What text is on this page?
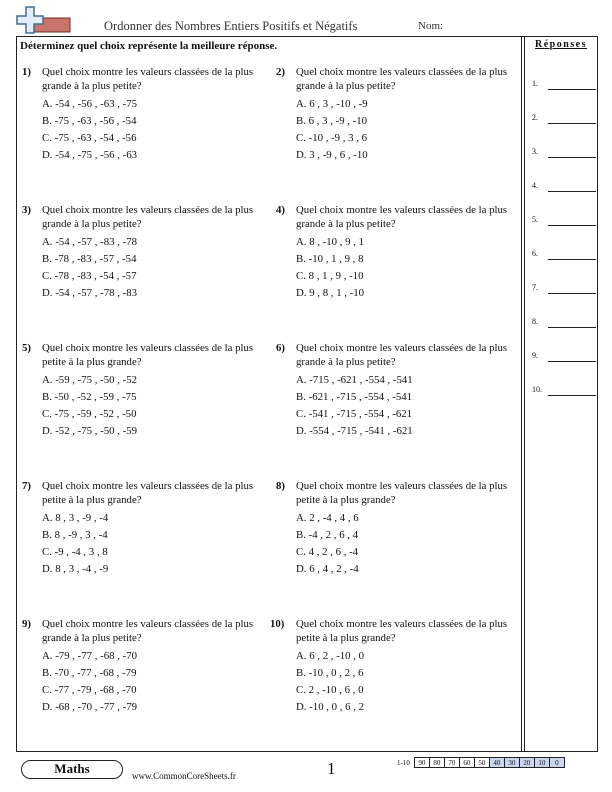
Ordonner des Nombres Entiers Positifs et Négatifs	Nom:
Déterminez quel choix représente la meilleure réponse.
1) Quel choix montre les valeurs classées de la plus grande à la plus petite?
A. -54 , -56 , -63 , -75
B. -75 , -63 , -56 , -54
C. -75 , -63 , -54 , -56
D. -54 , -75 , -56 , -63
2) Quel choix montre les valeurs classées de la plus grande à la plus petite?
A. 6 , 3 , -10 , -9
B. 6 , 3 , -9 , -10
C. -10 , -9 , 3 , 6
D. 3 , -9 , 6 , -10
3) Quel choix montre les valeurs classées de la plus grande à la plus petite?
A. -54 , -57 , -83 , -78
B. -78 , -83 , -57 , -54
C. -78 , -83 , -54 , -57
D. -54 , -57 , -78 , -83
4) Quel choix montre les valeurs classées de la plus grande à la plus petite?
A. 8 , -10 , 9 , 1
B. -10 , 1 , 9 , 8
C. 8 , 1 , 9 , -10
D. 9 , 8 , 1 , -10
5) Quel choix montre les valeurs classées de la plus petite à la plus grande?
A. -59 , -75 , -50 , -52
B. -50 , -52 , -59 , -75
C. -75 , -59 , -52 , -50
D. -52 , -75 , -50 , -59
6) Quel choix montre les valeurs classées de la plus grande à la plus petite?
A. -715 , -621 , -554 , -541
B. -621 , -715 , -554 , -541
C. -541 , -715 , -554 , -621
D. -554 , -715 , -541 , -621
7) Quel choix montre les valeurs classées de la plus petite à la plus grande?
A. 8 , 3 , -9 , -4
B. 8 , -9 , 3 , -4
C. -9 , -4 , 3 , 8
D. 8 , 3 , -4 , -9
8) Quel choix montre les valeurs classées de la plus petite à la plus grande?
A. 2 , -4 , 4 , 6
B. -4 , 2 , 6 , 4
C. 4 , 2 , 6 , -4
D. 6 , 4 , 2 , -4
9) Quel choix montre les valeurs classées de la plus grande à la plus petite?
A. -79 , -77 , -68 , -70
B. -70 , -77 , -68 , -79
C. -77 , -79 , -68 , -70
D. -68 , -70 , -77 , -79
10) Quel choix montre les valeurs classées de la plus petite à la plus grande?
A. 6 , 2 , -10 , 0
B. -10 , 0 , 2 , 6
C. 2 , -10 , 6 , 0
D. -10 , 0 , 6 , 2
Réponses
1.
2.
3.
4.
5.
6.
7.
8.
9.
10.
Maths	www.CommonCoreSheets.fr	1	1-10	90	80	70	60	50	40	30	20	10	0
